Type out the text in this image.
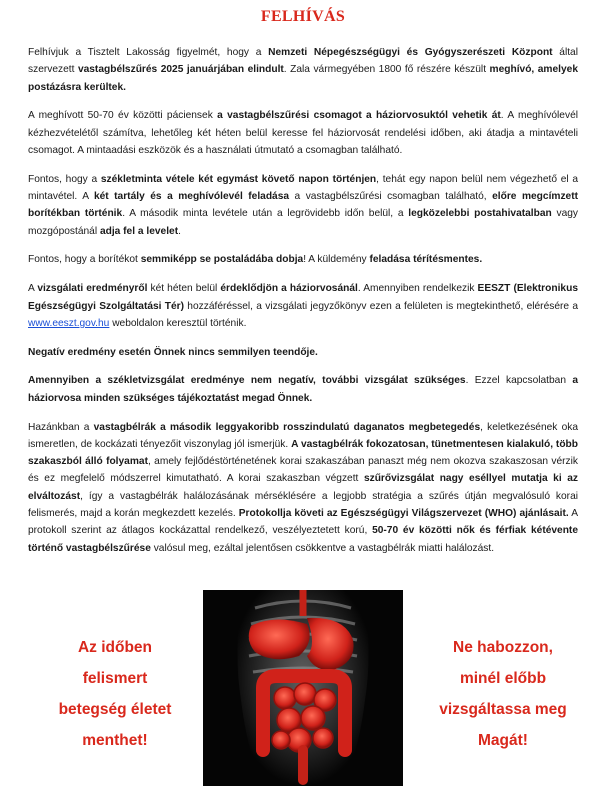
FELHÍVÁS

Felhívjuk a Tisztelt Lakosság figyelmét, hogy a Nemzeti Népegészségügyi és Gyógyszerészeti Központ által szervezett vastagbélszűrés 2025 januárjában elindult. Zala vármegyében 1800 fő részére készült meghívó, amelyek postázásra kerültek.

A meghívott 50-70 év közötti páciensek a vastagbélszűrési csomagot a háziorvosuktól vehetik át. A meghívólevél kézhezvételétől számítva, lehetőleg két héten belül keresse fel háziorvosát rendelési időben, aki átadja a mintavételi csomagot. A mintaadási eszközök és a használati útmutató a csomagban található.

Fontos, hogy a székletminta vétele két egymást követő napon történjen, tehát egy napon belül nem végezhető el a mintavétel. A két tartály és a meghívólevél feladása a vastagbélszűrési csomagban található, előre megcímzett borítékban történik. A második minta levétele után a legrövidebb időn belül, a legközelebbi postahivatalban vagy mozgópostánál adja fel a levelet.

Fontos, hogy a borítékot semmiképp se postaládába dobja! A küldemény feladása térítésmentes.

A vizsgálati eredményről két héten belül érdeklődjön a háziorvosánál. Amennyiben rendelkezik EESZT (Elektronikus Egészségügyi Szolgáltatási Tér) hozzáféréssel, a vizsgálati jegyzőkönyv ezen a felületen is megtekinthető, elérésére a www.eeszt.gov.hu weboldalon keresztül történik.

Negatív eredmény esetén Önnek nincs semmilyen teendője.

Amennyiben a székletvizsgálat eredménye nem negatív, további vizsgálat szükséges. Ezzel kapcsolatban a háziorvosa minden szükséges tájékoztatást megad Önnek.

Hazánkban a vastagbélrák a második leggyakoribb rosszindulatú daganatos megbetegedés, keletkezésének oka ismeretlen, de kockázati tényezőit viszonylag jól ismerjük. A vastagbélrák fokozatosan, tünetmentesen kialakuló, több szakaszból álló folyamat, amely fejlődéstörténetének korai szakaszában panaszt még nem okozva szakaszosan vérzik és ez megfelelő módszerrel kimutatható. A korai szakaszban végzett szűrővizsgálat nagy eséllyel mutatja ki az elváltozást, így a vastagbélrák halálozásának mérséklésére a legjobb stratégia a szűrés útján megvalósuló korai felismerés, majd a korán megkezdett kezelés. Protokollja követi az Egészségügyi Világszervezet (WHO) ajánlásait. A protokoll szerint az átlagos kockázattal rendelkező, veszélyeztetett korú, 50-70 év közötti nők és férfiak kétévente történő vastagbélszűrése valósul meg, ezáltal jelentősen csökkentve a vastagbélrák miatti halálozást.

Az időben
felismert
betegség életet
menthet!
Ne habozzon,
minél előbb
vizsgáltassa meg
Magát!
